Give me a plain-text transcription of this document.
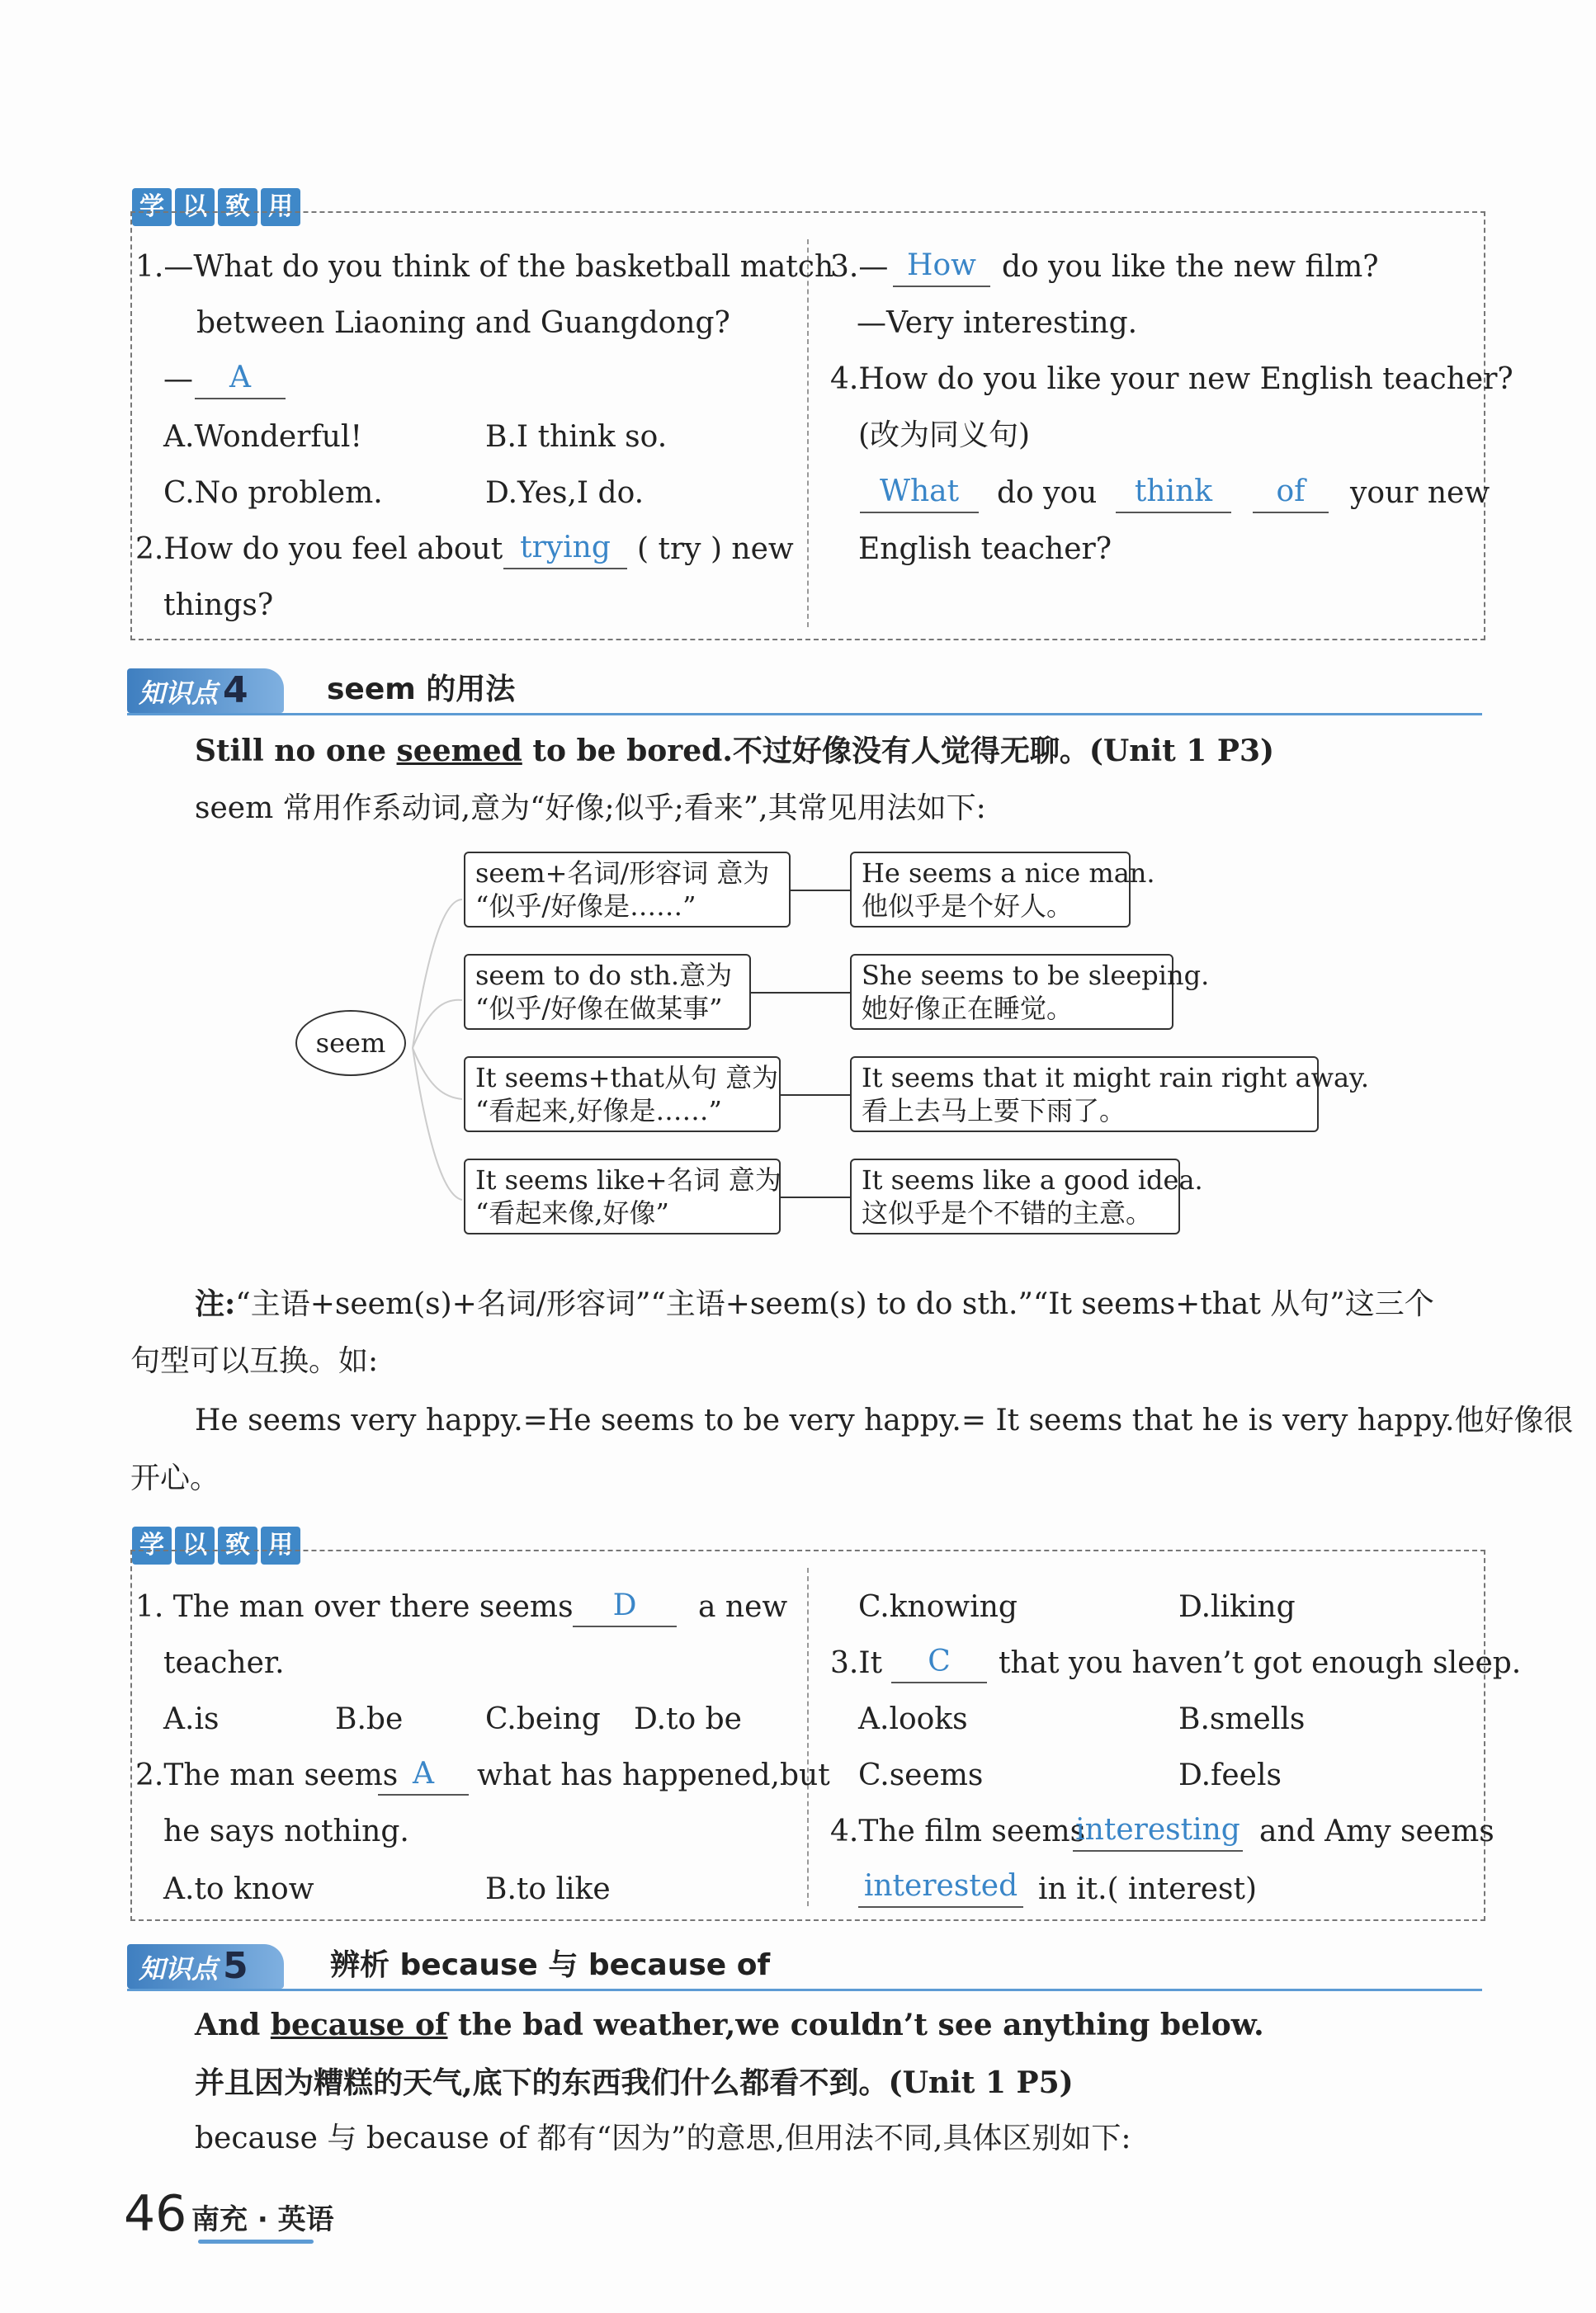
学 以 致 用
1.—What do you think of the basketball match
between Liaoning and Guangdong?
—	A
A.Wonderful!	B.I think so.
C.No problem.	D.Yes,I do.
2.How do you feel about trying ( try ) new
things?
3.— How do you like the new film?
—Very interesting.
4.How do you like your new English teacher?
(改为同义句)
What	do you	think	of	your new
English teacher?
知识点 4	seem 的用法
Still no one seemed to be bored.不过好像没有人觉得无聊。(Unit 1 P3)
seem 常用作系动词,意为“好像;似乎;看来”,其常见用法如下:
seem
seem+名词/形容词 意为
“似乎/好像是……”
He seems a nice man.
他似乎是个好人。
seem to do sth.意为
“似乎/好像在做某事”
She seems to be sleeping.
她好像正在睡觉。
It seems+that从句 意为
“看起来,好像是……”
It seems that it might rain right away.
看上去马上要下雨了。
It seems like+名词 意为
“看起来像,好像”
It seems like a good idea.
这似乎是个不错的主意。
注:“主语+seem(s)+名词/形容词”“主语+seem(s) to do sth.”“It seems+that 从句”这三个
句型可以互换。如:
He seems very happy.=He seems to be very happy.= It seems that he is very happy.他好像很
开心。
学 以 致 用
1. The man over there seems	D	a new
teacher.
A.is	B.be	C.being D.to be
2.The man seems A	what has happened,but
he says nothing.
A.to know	B.to like
C.knowing	D.liking
3.It	C	that you haven’t got enough sleep.
A.looks	B.smells
C.seems	D.feels
4.The film seems
interesting and Amy seems
interested in it.( interest)
知识点 5	辨析 because 与 because of
And because of the bad weather,we couldn’t see anything below.
并且因为糟糕的天气,底下的东西我们什么都看不到。(Unit 1 P5)
because 与 because of 都有“因为”的意思,但用法不同,具体区别如下:
46 南充 · 英语
